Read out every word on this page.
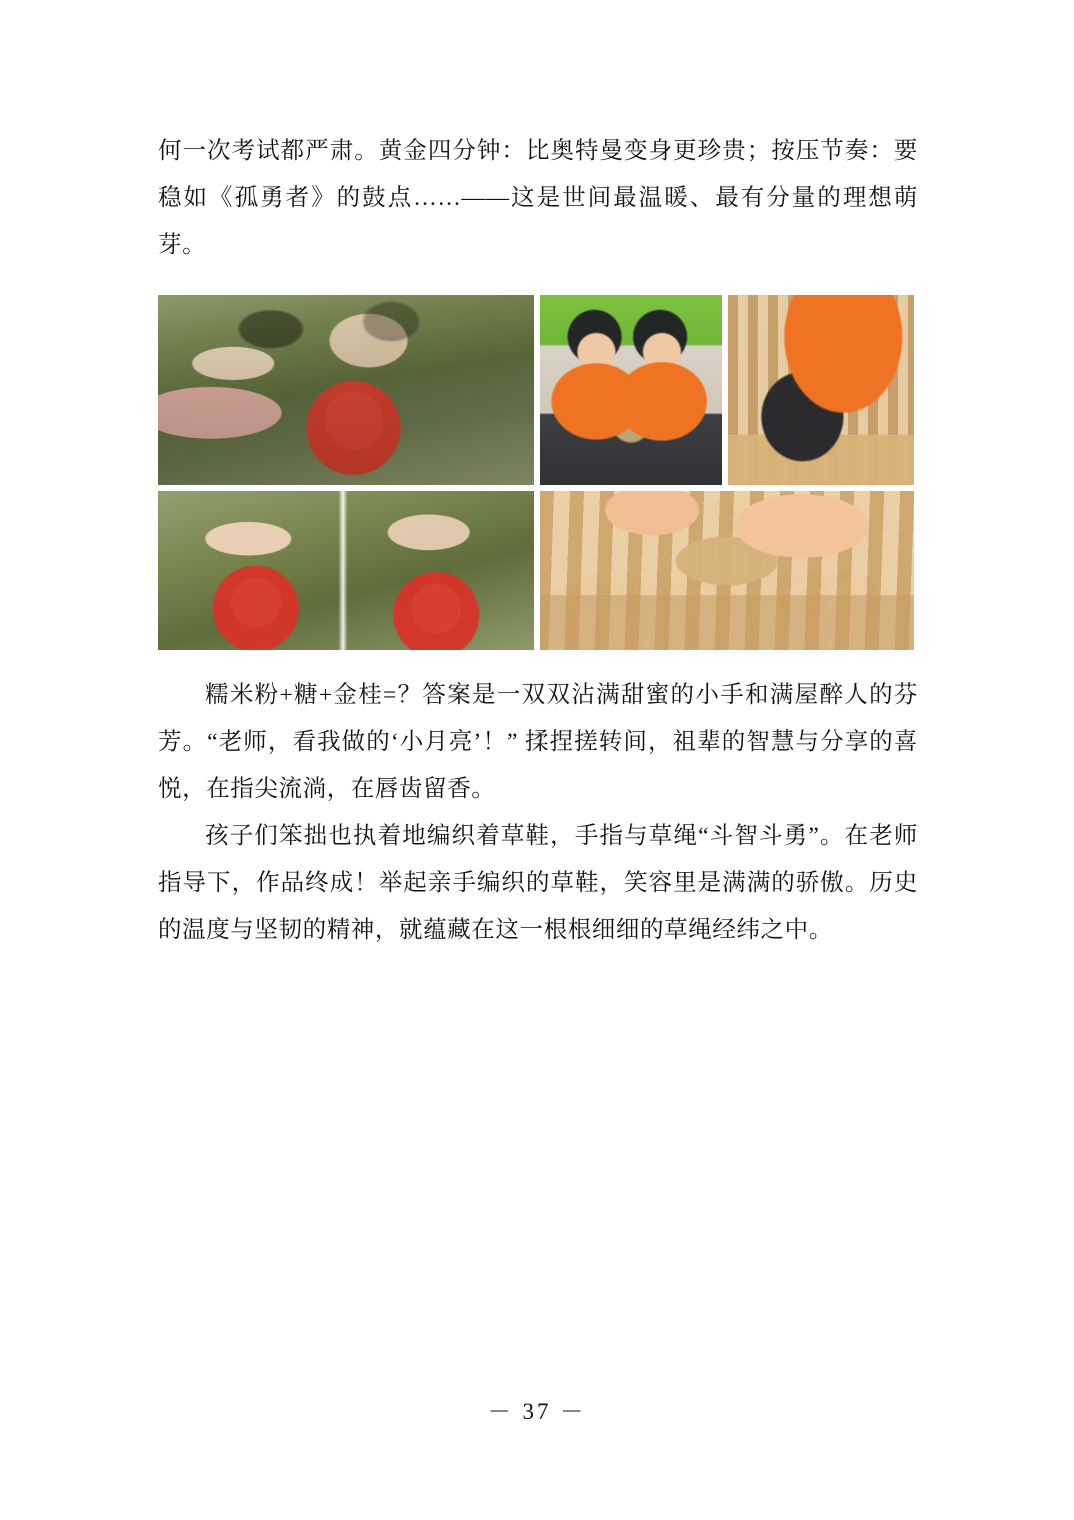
何一次考试都严肃。黄金四分钟：比奥特曼变身更珍贵；按压节奏：要稳如《孤勇者》的鼓点……——这是世间最温暖、最有分量的理想萌芽。

糯米粉+糖+金桂=？答案是一双双沾满甜蜜的小手和满屋醉人的芬芳。“老师，看我做的‘小月亮’！” 揉捏搓转间，祖辈的智慧与分享的喜悦，在指尖流淌，在唇齿留香。

孩子们笨拙也执着地编织着草鞋，手指与草绳“斗智斗勇”。在老师指导下，作品终成！举起亲手编织的草鞋，笑容里是满满的骄傲。历史的温度与坚韧的精神，就蕴藏在这一根根细细的草绳经纬之中。

－ 37 －
